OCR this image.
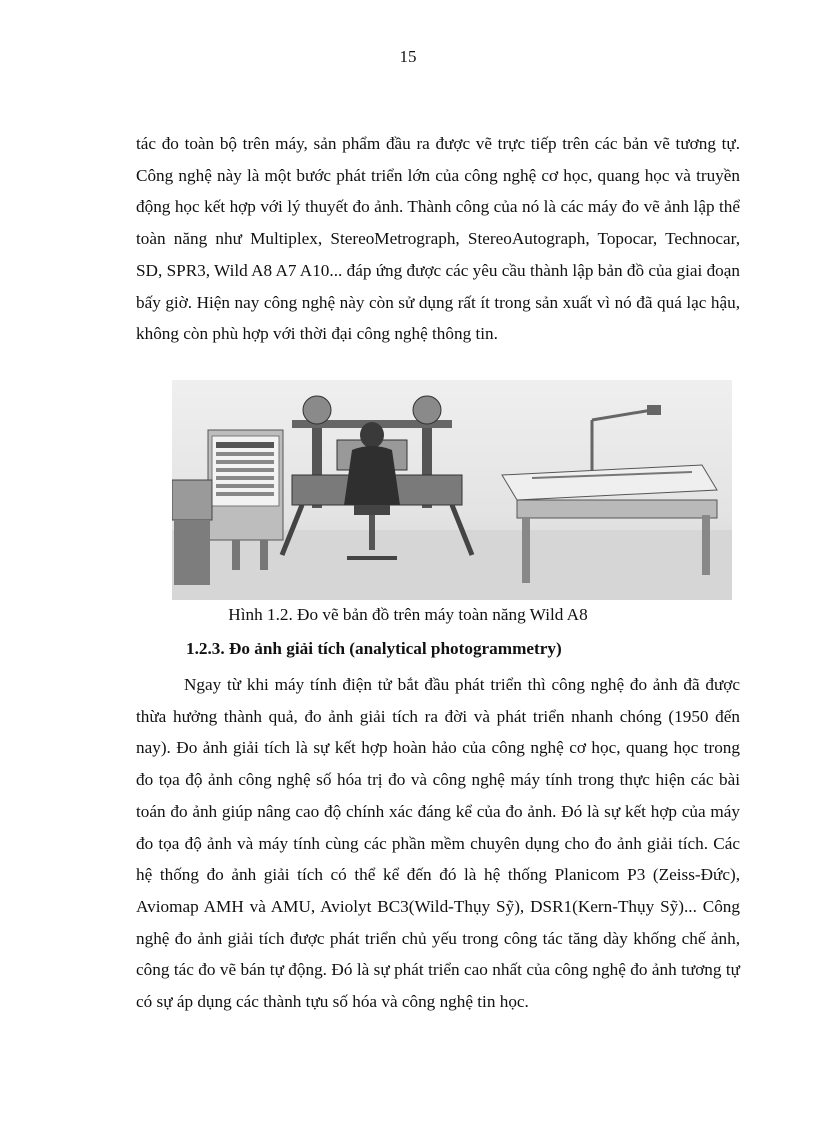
15

tác đo toàn bộ trên máy, sản phẩm đầu ra được vẽ trực tiếp trên các bản vẽ tương tự. Công nghệ này là một bước phát triển lớn của công nghệ cơ học, quang học và truyền động học kết hợp với lý thuyết đo ảnh. Thành công của nó là các máy đo vẽ ảnh lập thể toàn năng như Multiplex, StereoMetrograph, StereoAutograph, Topocar, Technocar, SD, SPR3, Wild A8 A7 A10... đáp ứng được các yêu cầu thành lập bản đồ của giai đoạn bấy giờ. Hiện nay công nghệ này còn sử dụng rất ít trong sản xuất vì nó đã quá lạc hậu, không còn phù hợp với thời đại công nghệ thông tin.

Hình 1.2. Đo vẽ bản đồ trên máy toàn năng Wild A8
1.2.3. Đo ảnh giải tích (analytical photogrammetry)

Ngay từ khi máy tính điện tử bắt đầu phát triển thì công nghệ đo ảnh đã được thừa hưởng thành quả, đo ảnh giải tích ra đời và phát triển nhanh chóng (1950 đến nay). Đo ảnh giải tích là sự kết hợp hoàn hảo của công nghệ cơ học, quang học trong đo tọa độ ảnh công nghệ số hóa trị đo và công nghệ máy tính trong thực hiện các bài toán đo ảnh giúp nâng cao độ chính xác đáng kể của đo ảnh. Đó là sự kết hợp của máy đo tọa độ ảnh và máy tính cùng các phần mềm chuyên dụng cho đo ảnh giải tích. Các hệ thống đo ảnh giải tích có thể kể đến đó là hệ thống Planicom P3 (Zeiss-Đức), Aviomap AMH và AMU, Aviolyt BC3(Wild-Thụy Sỹ), DSR1(Kern-Thụy Sỹ)... Công nghệ đo ảnh giải tích được phát triển chủ yếu trong công tác tăng dày khống chế ảnh, công tác đo vẽ bán tự động. Đó là sự phát triển cao nhất của công nghệ đo ảnh tương tự có sự áp dụng các thành tựu số hóa và công nghệ tin học.
